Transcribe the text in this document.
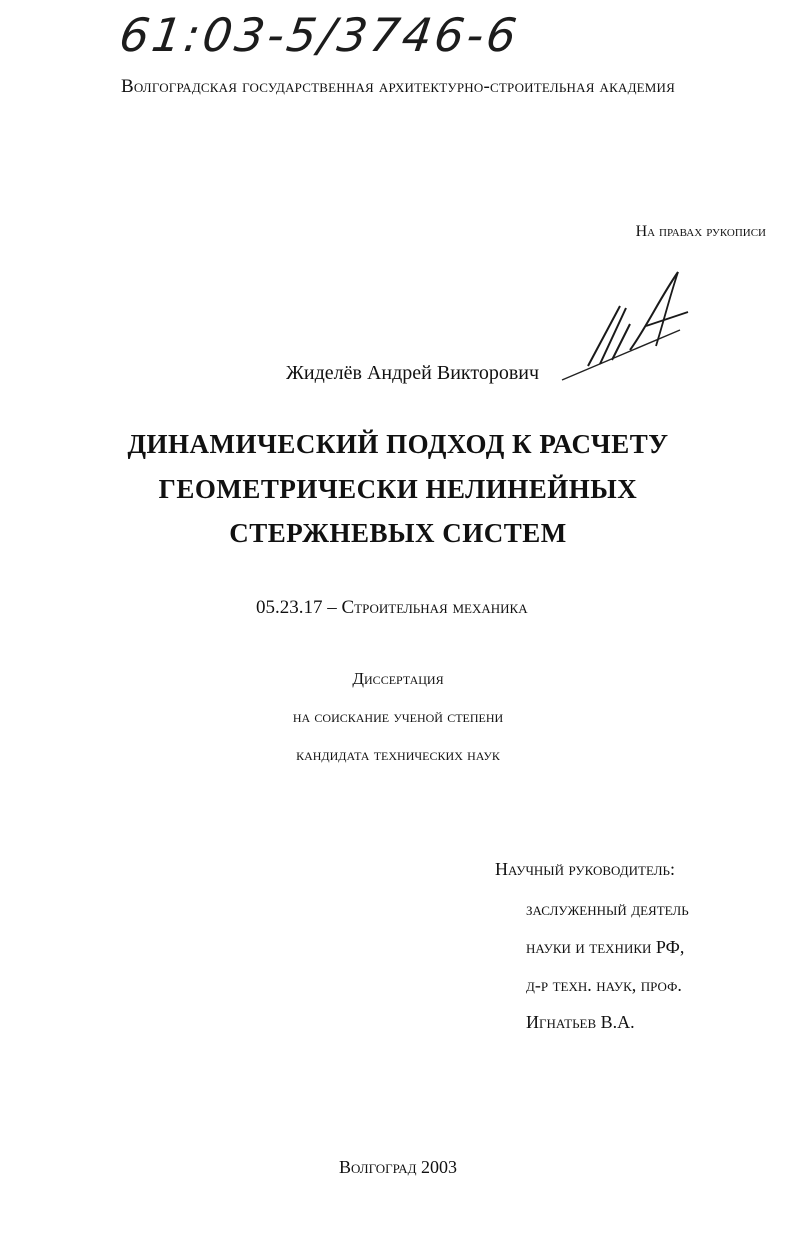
61:03-5/3746-6
Волгоградская государственная архитектурно-строительная академия
На правах рукописи
Жиделёв Андрей Викторович
ДИНАМИЧЕСКИЙ ПОДХОД К РАСЧЕТУ
ГЕОМЕТРИЧЕСКИ НЕЛИНЕЙНЫХ
СТЕРЖНЕВЫХ СИСТЕМ
05.23.17 – Строительная механика
Диссертация
на соискание ученой степени
кандидата технических наук
Научный руководитель:
заслуженный деятель
науки и техники РФ,
д-р техн. наук, проф.
Игнатьев В.А.
Волгоград 2003
